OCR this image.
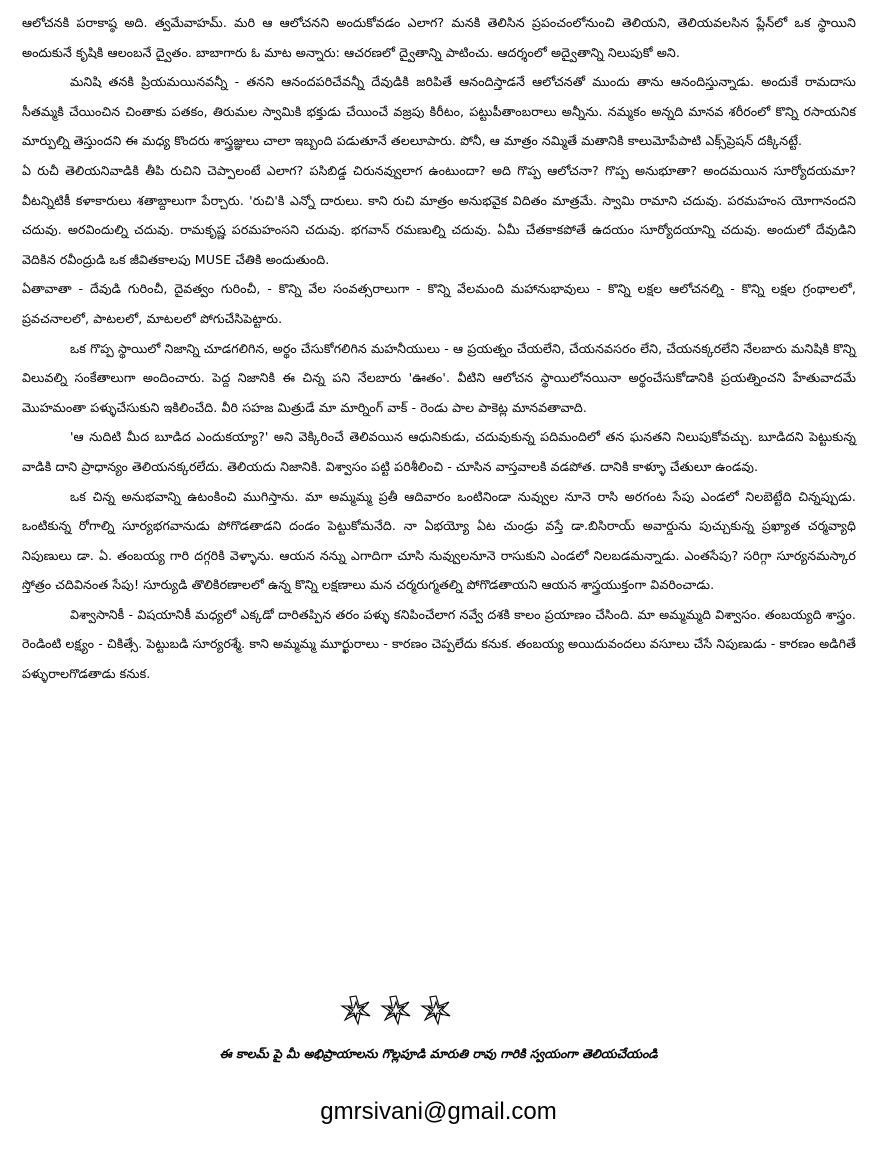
ఆలోచనకి పరాకాష్ఠ అది. త్వమేవాహమ్. మరి ఆ ఆలోచనని అందుకోవడం ఎలాగ? మనకి తెలిసిన ప్రపంచంలోనుంచి తెలియని, తెలియవలసిన ప్లేన్‌లో ఒక స్థాయిని అందుకునే కృషికి ఆలంబనే ద్వైతం. బాబాగారు ఓ మాట అన్నారు: ఆచరణలో ద్వైతాన్ని పాటించు. ఆదర్శంలో అద్వైతాన్ని నిలుపుకో అని.

మనిషి తనకి ప్రియమయినవన్నీ - తనని ఆనందపరిచేవన్నీ దేవుడికి జరిపితే ఆనందిస్తాడనే ఆలోచనతో ముందు తాను ఆనందిస్తున్నాడు. అందుకే రామదాసు సీతమ్మకి చేయించిన చింతాకు పతకం, తిరుమల స్వామికి భక్తుడు చేయించే వజ్రపు కిరీటం, పట్టుపీతాంబరాలు అన్నీను. నమ్మకం అన్నది మానవ శరీరంలో కొన్ని రసాయనిక మార్పుల్ని తెస్తుందని ఈ మధ్య కొందరు శాస్త్రజ్ఞులు చాలా ఇబ్బంది పడుతూనే తలలూపారు. పోనీ, ఆ మాత్రం నమ్మితే మతానికి కాలుమోపేపాటి ఎక్స్‌ప్రెషన్ దక్కినట్టే.

ఏ రుచీ తెలియనివాడికి తీపి రుచిని చెప్పాలంటే ఎలాగ? పసిబిడ్డ చిరునవ్వులాగ ఉంటుందా? అది గొప్ప ఆలోచనా? గొప్ప అనుభూతా? అందమయిన సూర్యోదయమా? వీటన్నిటికీ కళాకారులు శతాబ్దాలుగా పేర్చారు. 'రుచి'కి ఎన్నో దారులు. కాని రుచి మాత్రం అనుభవైక విదితం మాత్రమే. స్వామి రామాని చదువు. పరమహంస యోగానందని చదువు. అరవిందుల్ని చదువు. రామకృష్ణ పరమహంసని చదువు. భగవాన్ రమణుల్ని చదువు. ఏమీ చేతకాకపోతే ఉదయం సూర్యోదయాన్ని చదువు. అందులో దేవుడిని వెదికిన రవీంద్రుడి ఒక జీవితకాలపు MUSE చేతికి అందుతుంది.

ఏతావాతా - దేవుడి గురించీ, దైవత్వం గురించీ, - కొన్ని వేల సంవత్సరాలుగా - కొన్ని వేలమంది మహానుభావులు - కొన్ని లక్షల ఆలోచనల్ని - కొన్ని లక్షల గ్రంథాలలో, ప్రవచనాలలో, పాటలలో, మాటలలో పోగుచేసిపెట్టారు.

ఒక గొప్ప స్థాయిలో నిజాన్ని చూడగలిగిన, అర్థం చేసుకోగలిగిన మహనీయులు - ఆ ప్రయత్నం చేయలేని, చేయనవసరం లేని, చేయనక్కరలేని నేలబారు మనిషికి కొన్ని విలువల్ని సంకేతాలుగా అందించారు. పెద్ద నిజానికి ఈ చిన్న పని నేలబారు 'ఊతం'. వీటిని ఆలోచన స్థాయిలోనయినా అర్థంచేసుకోడానికి ప్రయత్నించని హేతువాదమే మొహమంతా పళ్ళుచేసుకుని ఇకిలించేది. వీరి సహజ మిత్రుడే మా మార్నింగ్ వాక్ - రెండు పాల పాకెట్ల మానవతావాది.

'ఆ నుదిటి మీద బూడిద ఎందుకయ్యా?' అని వెక్కిరించే తెలివయిన ఆధునికుడు, చదువుకున్న పదిమందిలో తన ఘనతని నిలుపుకోవచ్చు. బూడిదని పెట్టుకున్న వాడికి దాని ప్రాధాన్యం తెలియనక్కరలేదు. తెలియదు నిజానికి. విశ్వాసం పట్టి పరిశీలించి - చూసిన వాస్తవాలకి వడపోత. దానికి కాళ్ళూ చేతులూ ఉండవు.

ఒక చిన్న అనుభవాన్ని ఉటంకించి ముగిస్తాను. మా అమ్మమ్మ ప్రతీ ఆదివారం ఒంటినిండా నువ్వుల నూనె రాసి అరగంట సేపు ఎండలో నిలబెట్టేది చిన్నప్పుడు. ఒంటికున్న రోగాల్ని సూర్యభగవానుడు పోగొడతాడని దండం పెట్టుకోమనేది. నా ఏభయ్యో ఏట చుండ్రు వస్తే డా.బిసిరాయ్ అవార్డును పుచ్చుకున్న ప్రఖ్యాత చర్మవ్యాధి నిపుణులు డా. ఏ. తంబయ్య గారి దగ్గరికి వెళ్ళాను. ఆయన నన్ను ఎగాదిగా చూసి నువ్వులనూనె రాసుకుని ఎండలో నిలబడమన్నాడు. ఎంతసేపు? సరిగ్గా సూర్యనమస్కార స్తోత్రం చదివినంత సేపు! సూర్యుడి తొలికిరణాలలో ఉన్న కొన్ని లక్షణాలు మన చర్మరుగ్మతల్ని పోగొడతాయని ఆయన శాస్త్రయుక్తంగా వివరించాడు.

విశ్వాసానికీ - విషయానికీ మధ్యలో ఎక్కడో దారితప్పిన తరం పళ్ళు కనిపించేలాగ నవ్వే దశకి కాలం ప్రయాణం చేసింది. మా అమ్మమ్మది విశ్వాసం. తంబయ్యది శాస్త్రం. రెండింటి లక్ష్యం - చికిత్సే. పెట్టుబడి సూర్యరశ్మే. కాని అమ్మమ్మ మూర్ఖురాలు - కారణం చెప్పలేదు కనుక. తంబయ్య అయిదువందలు వసూలు చేసే నిపుణుడు - కారణం అడిగితే పళ్ళురాలగొడతాడు కనుక.

ఈ కాలమ్ పై మీ అభిప్రాయాలను గొల్లపూడి మారుతి రావు గారికి స్వయంగా తెలియచేయండి
gmrsivani@gmail.com
